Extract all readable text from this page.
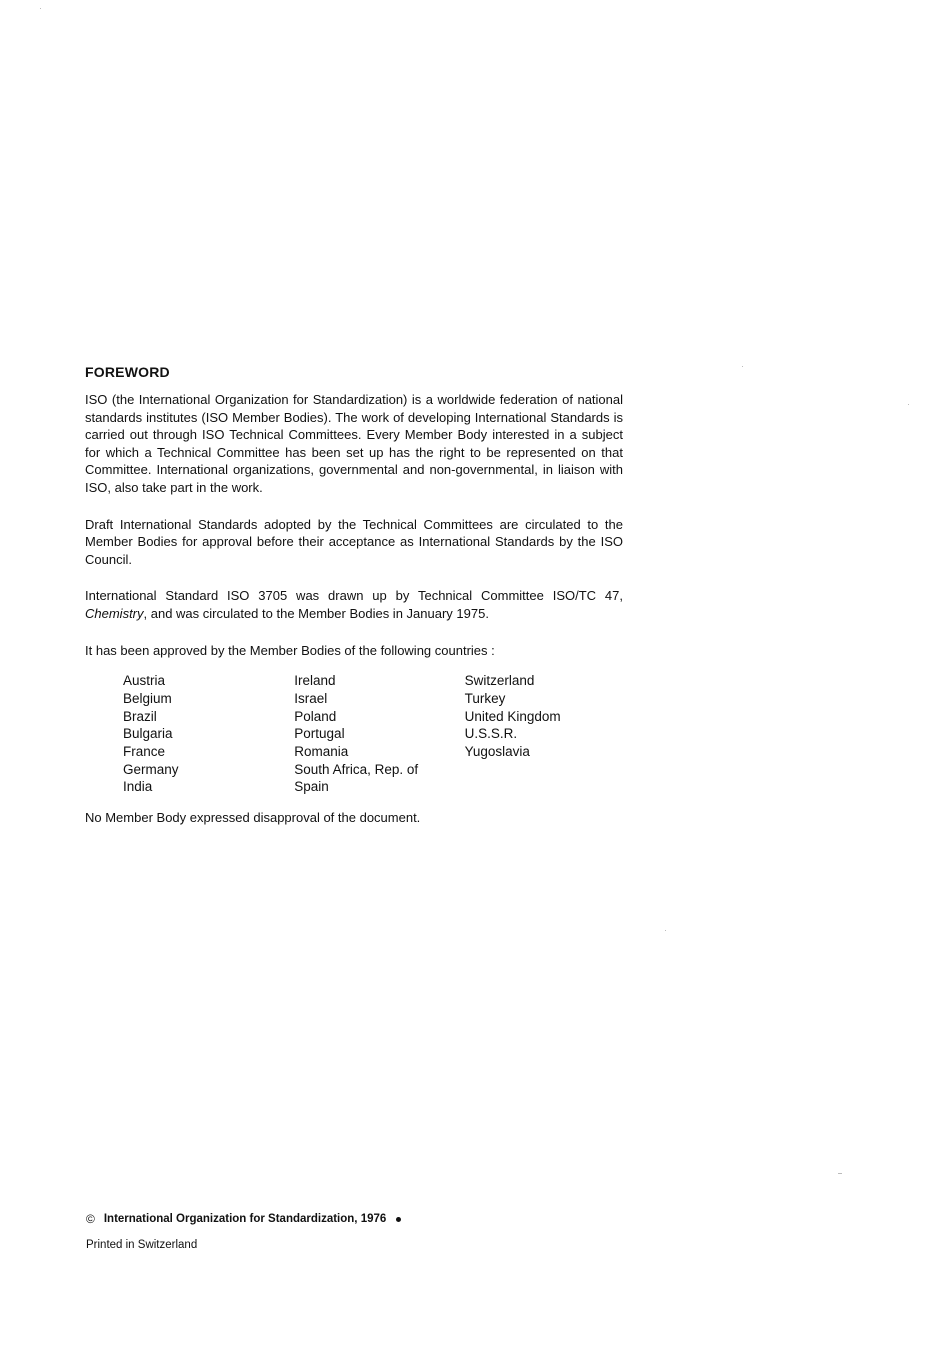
FOREWORD

ISO (the International Organization for Standardization) is a worldwide federation of national standards institutes (ISO Member Bodies). The work of developing International Standards is carried out through ISO Technical Committees. Every Member Body interested in a subject for which a Technical Committee has been set up has the right to be represented on that Committee. International organizations, governmental and non-governmental, in liaison with ISO, also take part in the work.

Draft International Standards adopted by the Technical Committees are circulated to the Member Bodies for approval before their acceptance as International Standards by the ISO Council.

International Standard ISO 3705 was drawn up by Technical Committee ISO/TC 47, Chemistry, and was circulated to the Member Bodies in January 1975.

It has been approved by the Member Bodies of the following countries :

Austria
Belgium
Brazil
Bulgaria
France
Germany
India
Ireland
Israel
Poland
Portugal
Romania
South Africa, Rep. of
Spain
Switzerland
Turkey
United Kingdom
U.S.S.R.
Yugoslavia
No Member Body expressed disapproval of the document.
© International Organization for Standardization, 1976
Printed in Switzerland
